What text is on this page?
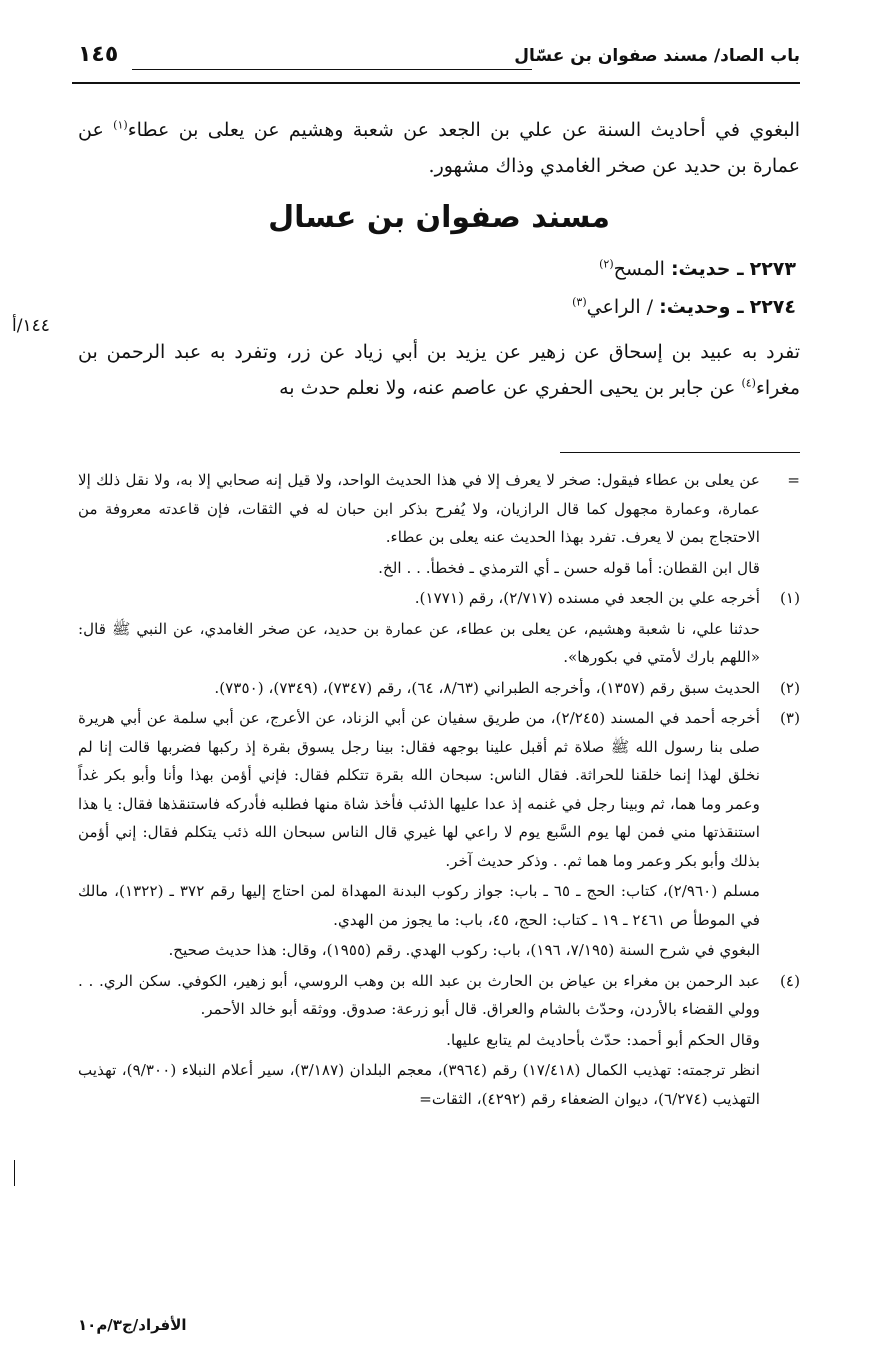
باب الصاد/ مسند صفوان بن عسّال
١٤٥

البغوي في أحاديث السنة عن علي بن الجعد عن شعبة وهشيم عن يعلى بن عطاء$^{(١)}$ عن عمارة بن حديد عن صخر الغامدي وذاك مشهور.

مسند صفوان بن عسال

٢٢٧٣ ـ حديث: المسح$^{(٢)}$

٢٢٧٤ ـ وحديث: / الراعي$^{(٣)}$

تفرد به عبيد بن إسحاق عن زهير عن يزيد بن أبي زياد عن زر، وتفرد به عبد الرحمن بن مغراء$^{(٤)}$ عن جابر بن يحيى الحفري عن عاصم عنه، ولا نعلم حدث به

١٤٤/أ
=

عن يعلى بن عطاء فيقول: صخر لا يعرف إلا في هذا الحديث الواحد، ولا قيل إنه صحابي إلا به، ولا نقل ذلك إلا عمارة، وعمارة مجهول كما قال الرازيان، ولا يُفرح بذكر ابن حبان له في الثقات، فإن قاعدته معروفة من الاحتجاج بمن لا يعرف. تفرد بهذا الحديث عنه يعلى بن عطاء.

قال ابن القطان: أما قوله حسن ـ أي الترمذي ـ فخطأ. . . الخ.

(١)

أخرجه علي بن الجعد في مسنده (٢/٧١٧)، رقم (١٧٧١).

حدثنا علي، نا شعبة وهشيم، عن يعلى بن عطاء، عن عمارة بن حديد، عن صخر الغامدي، عن النبي ﷺ قال: «اللهم بارك لأمتي في بكورها».

(٢)

الحديث سبق رقم (١٣٥٧)، وأخرجه الطبراني (٨/٦٣، ٦٤)، رقم (٧٣٤٧)، (٧٣٤٩)، (٧٣٥٠).

(٣)

أخرجه أحمد في المسند (٢/٢٤٥)، من طريق سفيان عن أبي الزناد، عن الأعرج، عن أبي سلمة عن أبي هريرة صلى بنا رسول الله ﷺ صلاة ثم أقبل علينا بوجهه فقال: بينا رجل يسوق بقرة إذ ركبها فضربها قالت إنا لم نخلق لهذا إنما خلقنا للحراثة. فقال الناس: سبحان الله بقرة تتكلم فقال: فإني أؤمن بهذا وأنا وأبو بكر غداً وعمر وما هما، ثم وبينا رجل في غنمه إذ عدا عليها الذئب فأخذ شاة منها فطلبه فأدركه فاستنقذها فقال: يا هذا استنقذتها مني فمن لها يوم السَّبع يوم لا راعي لها غيري قال الناس سبحان الله ذئب يتكلم فقال: إني أؤمن بذلك وأبو بكر وعمر وما هما ثم. . وذكر حديث آخر.

مسلم (٢/٩٦٠)، كتاب: الحج ـ ٦٥ ـ باب: جواز ركوب البدنة المهداة لمن احتاج إليها رقم ٣٧٢ ـ (١٣٢٢)، مالك في الموطأ ص ٢٤٦١ ـ ١٩ ـ كتاب: الحج، ٤٥، باب: ما يجوز من الهدي.

البغوي في شرح السنة (٧/١٩٥، ١٩٦)، باب: ركوب الهدي. رقم (١٩٥٥)، وقال: هذا حديث صحيح.

(٤)

عبد الرحمن بن مغراء بن عياض بن الحارث بن عبد الله بن وهب الروسي، أبو زهير، الكوفي. سكن الري. . . وولي القضاء بالأردن، وحدّث بالشام والعراق. قال أبو زرعة: صدوق. ووثقه أبو خالد الأحمر.

وقال الحكم أبو أحمد: حدّث بأحاديث لم يتابع عليها.

انظر ترجمته: تهذيب الكمال (١٧/٤١٨) رقم (٣٩٦٤)، معجم البلدان (٣/١٨٧)، سير أعلام النبلاء (٩/٣٠٠)، تهذيب التهذيب (٦/٢٧٤)، ديوان الضعفاء رقم (٤٢٩٢)، الثقات=

الأفراد/ج٣/م١٠
